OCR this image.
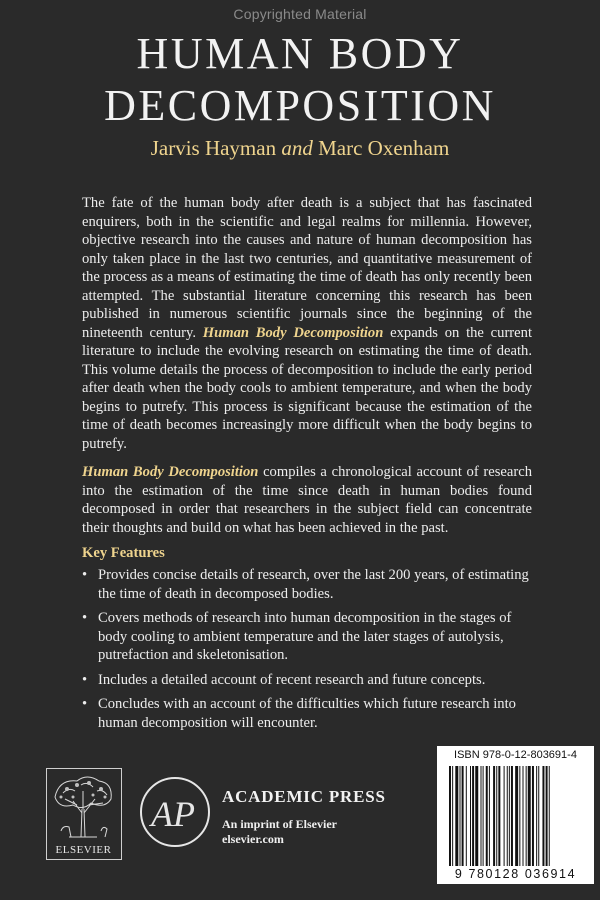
Copyrighted Material
HUMAN BODY
DECOMPOSITION
Jarvis Hayman and Marc Oxenham

The fate of the human body after death is a subject that has fascinated enquirers, both in the scientific and legal realms for millennia. However, objective research into the causes and nature of human decomposition has only taken place in the last two centuries, and quantitative measurement of the process as a means of estimating the time of death has only recently been attempted. The substantial literature concerning this research has been published in numerous scientific journals since the beginning of the nineteenth century. Human Body Decomposition expands on the current literature to include the evolving research on estimating the time of death. This volume details the process of decomposition to include the early period after death when the body cools to ambient temperature, and when the body begins to putrefy. This process is significant because the estimation of the time of death becomes increasingly more difficult when the body begins to putrefy.

Human Body Decomposition compiles a chronological account of research into the estimation of the time since death in human bodies found decomposed in order that researchers in the subject field can concentrate their thoughts and build on what has been achieved in the past.

Key Features
• Provides concise details of research, over the last 200 years, of estimating the time of death in decomposed bodies.
• Covers methods of research into human decomposition in the stages of body cooling to ambient temperature and the later stages of autolysis, putrefaction and skeletonisation.
• Includes a detailed account of recent research and future concepts.
• Concludes with an account of the difficulties which future research into human decomposition will encounter.
ISBN 978-0-12-803691-4
9 780128 036914
ELSEVIER
AP ACADEMIC PRESS
An imprint of Elsevier
elsevier.com
